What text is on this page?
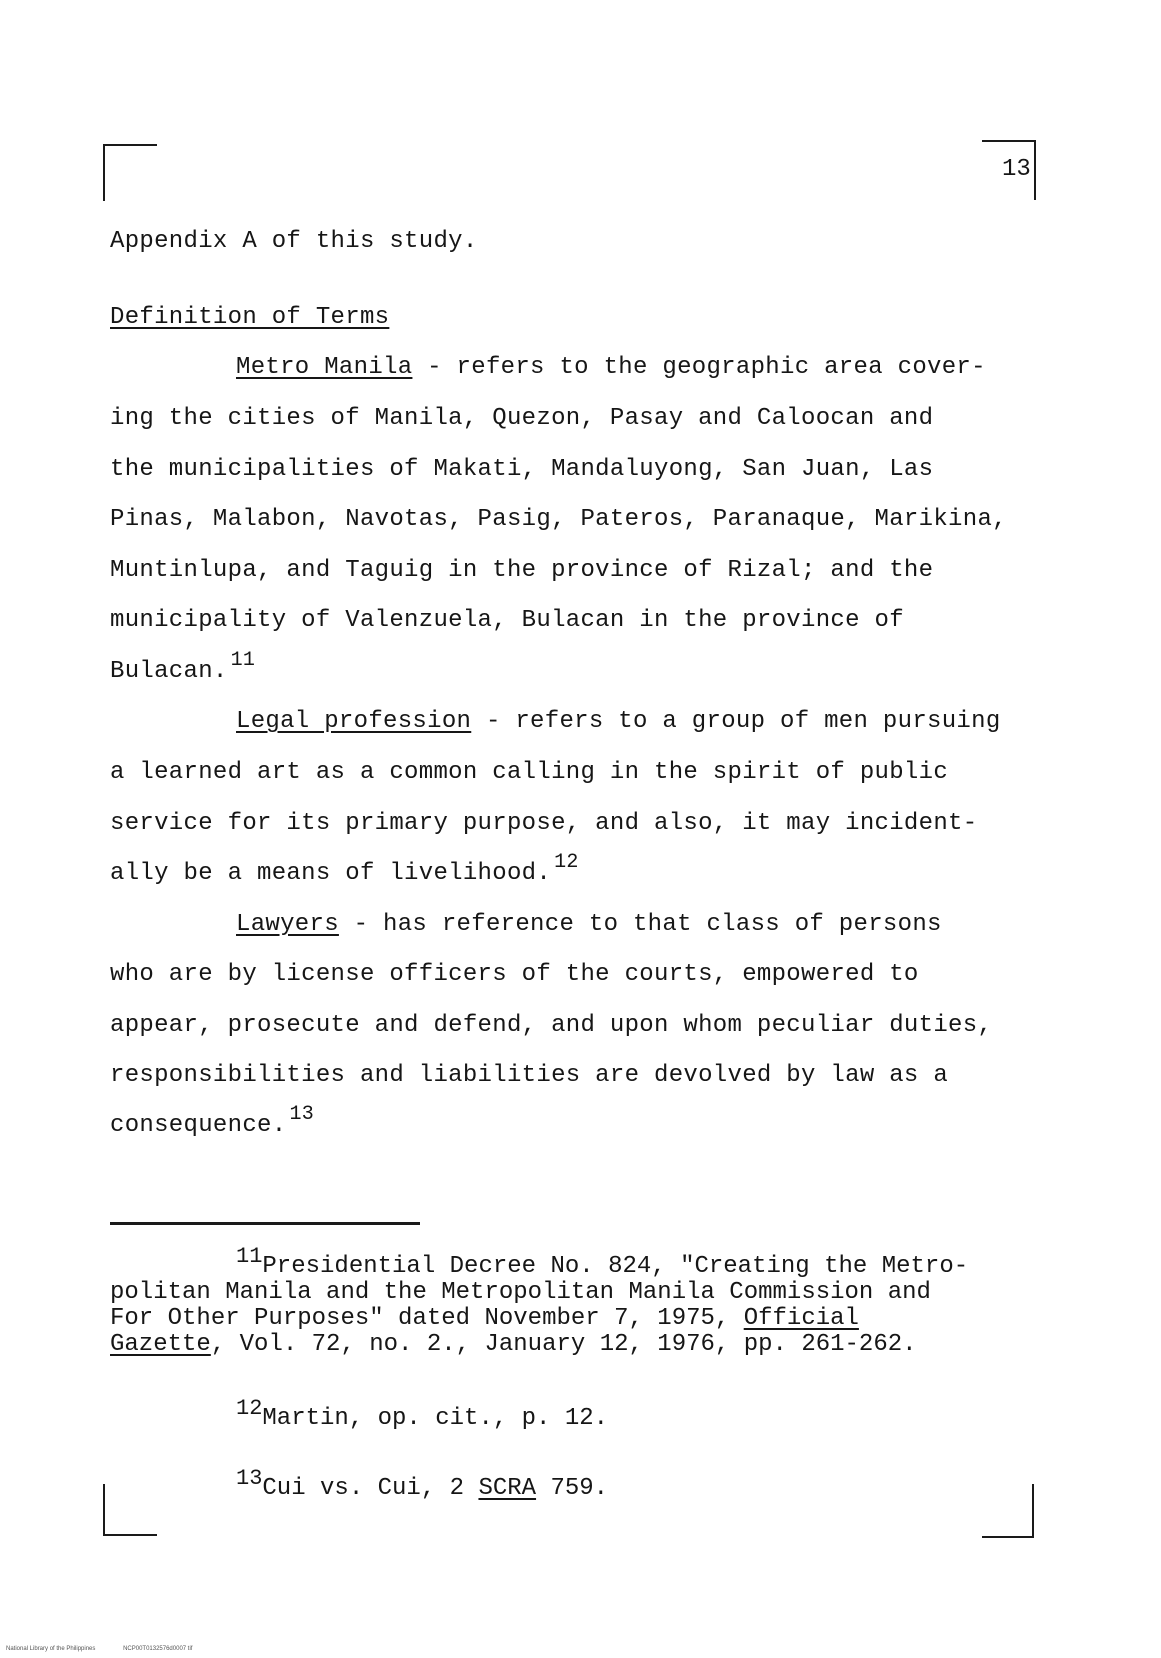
13
Appendix A of this study.
Definition of Terms
Metro Manila - refers to the geographic area cover-
ing the cities of Manila, Quezon, Pasay and Caloocan and
the municipalities of Makati, Mandaluyong, San Juan, Las
Pinas, Malabon, Navotas, Pasig, Pateros, Paranaque, Marikina,
Muntinlupa, and Taguig in the province of Rizal; and the
municipality of Valenzuela, Bulacan in the province of
Bulacan. $^{11}$
Legal profession - refers to a group of men pursuing
a learned art as a common calling in the spirit of public
service for its primary purpose, and also, it may incident-
ally be a means of livelihood. $^{12}$
Lawyers - has reference to that class of persons
who are by license officers of the courts, empowered to
appear, prosecute and defend, and upon whom peculiar duties,
responsibilities and liabilities are devolved by law as a
consequence. $^{13}$
11Presidential Decree No. 824, "Creating the Metro-
politan Manila and the Metropolitan Manila Commission and
For Other Purposes" dated November 7, 1975, Official
Gazette, Vol. 72, no. 2., January 12, 1976, pp. 261-262.
12Martin, op. cit., p. 12.
13Cui vs. Cui, 2 SCRA 759.
National Library of the Philippines	NCP00T0132576d0007 tif
